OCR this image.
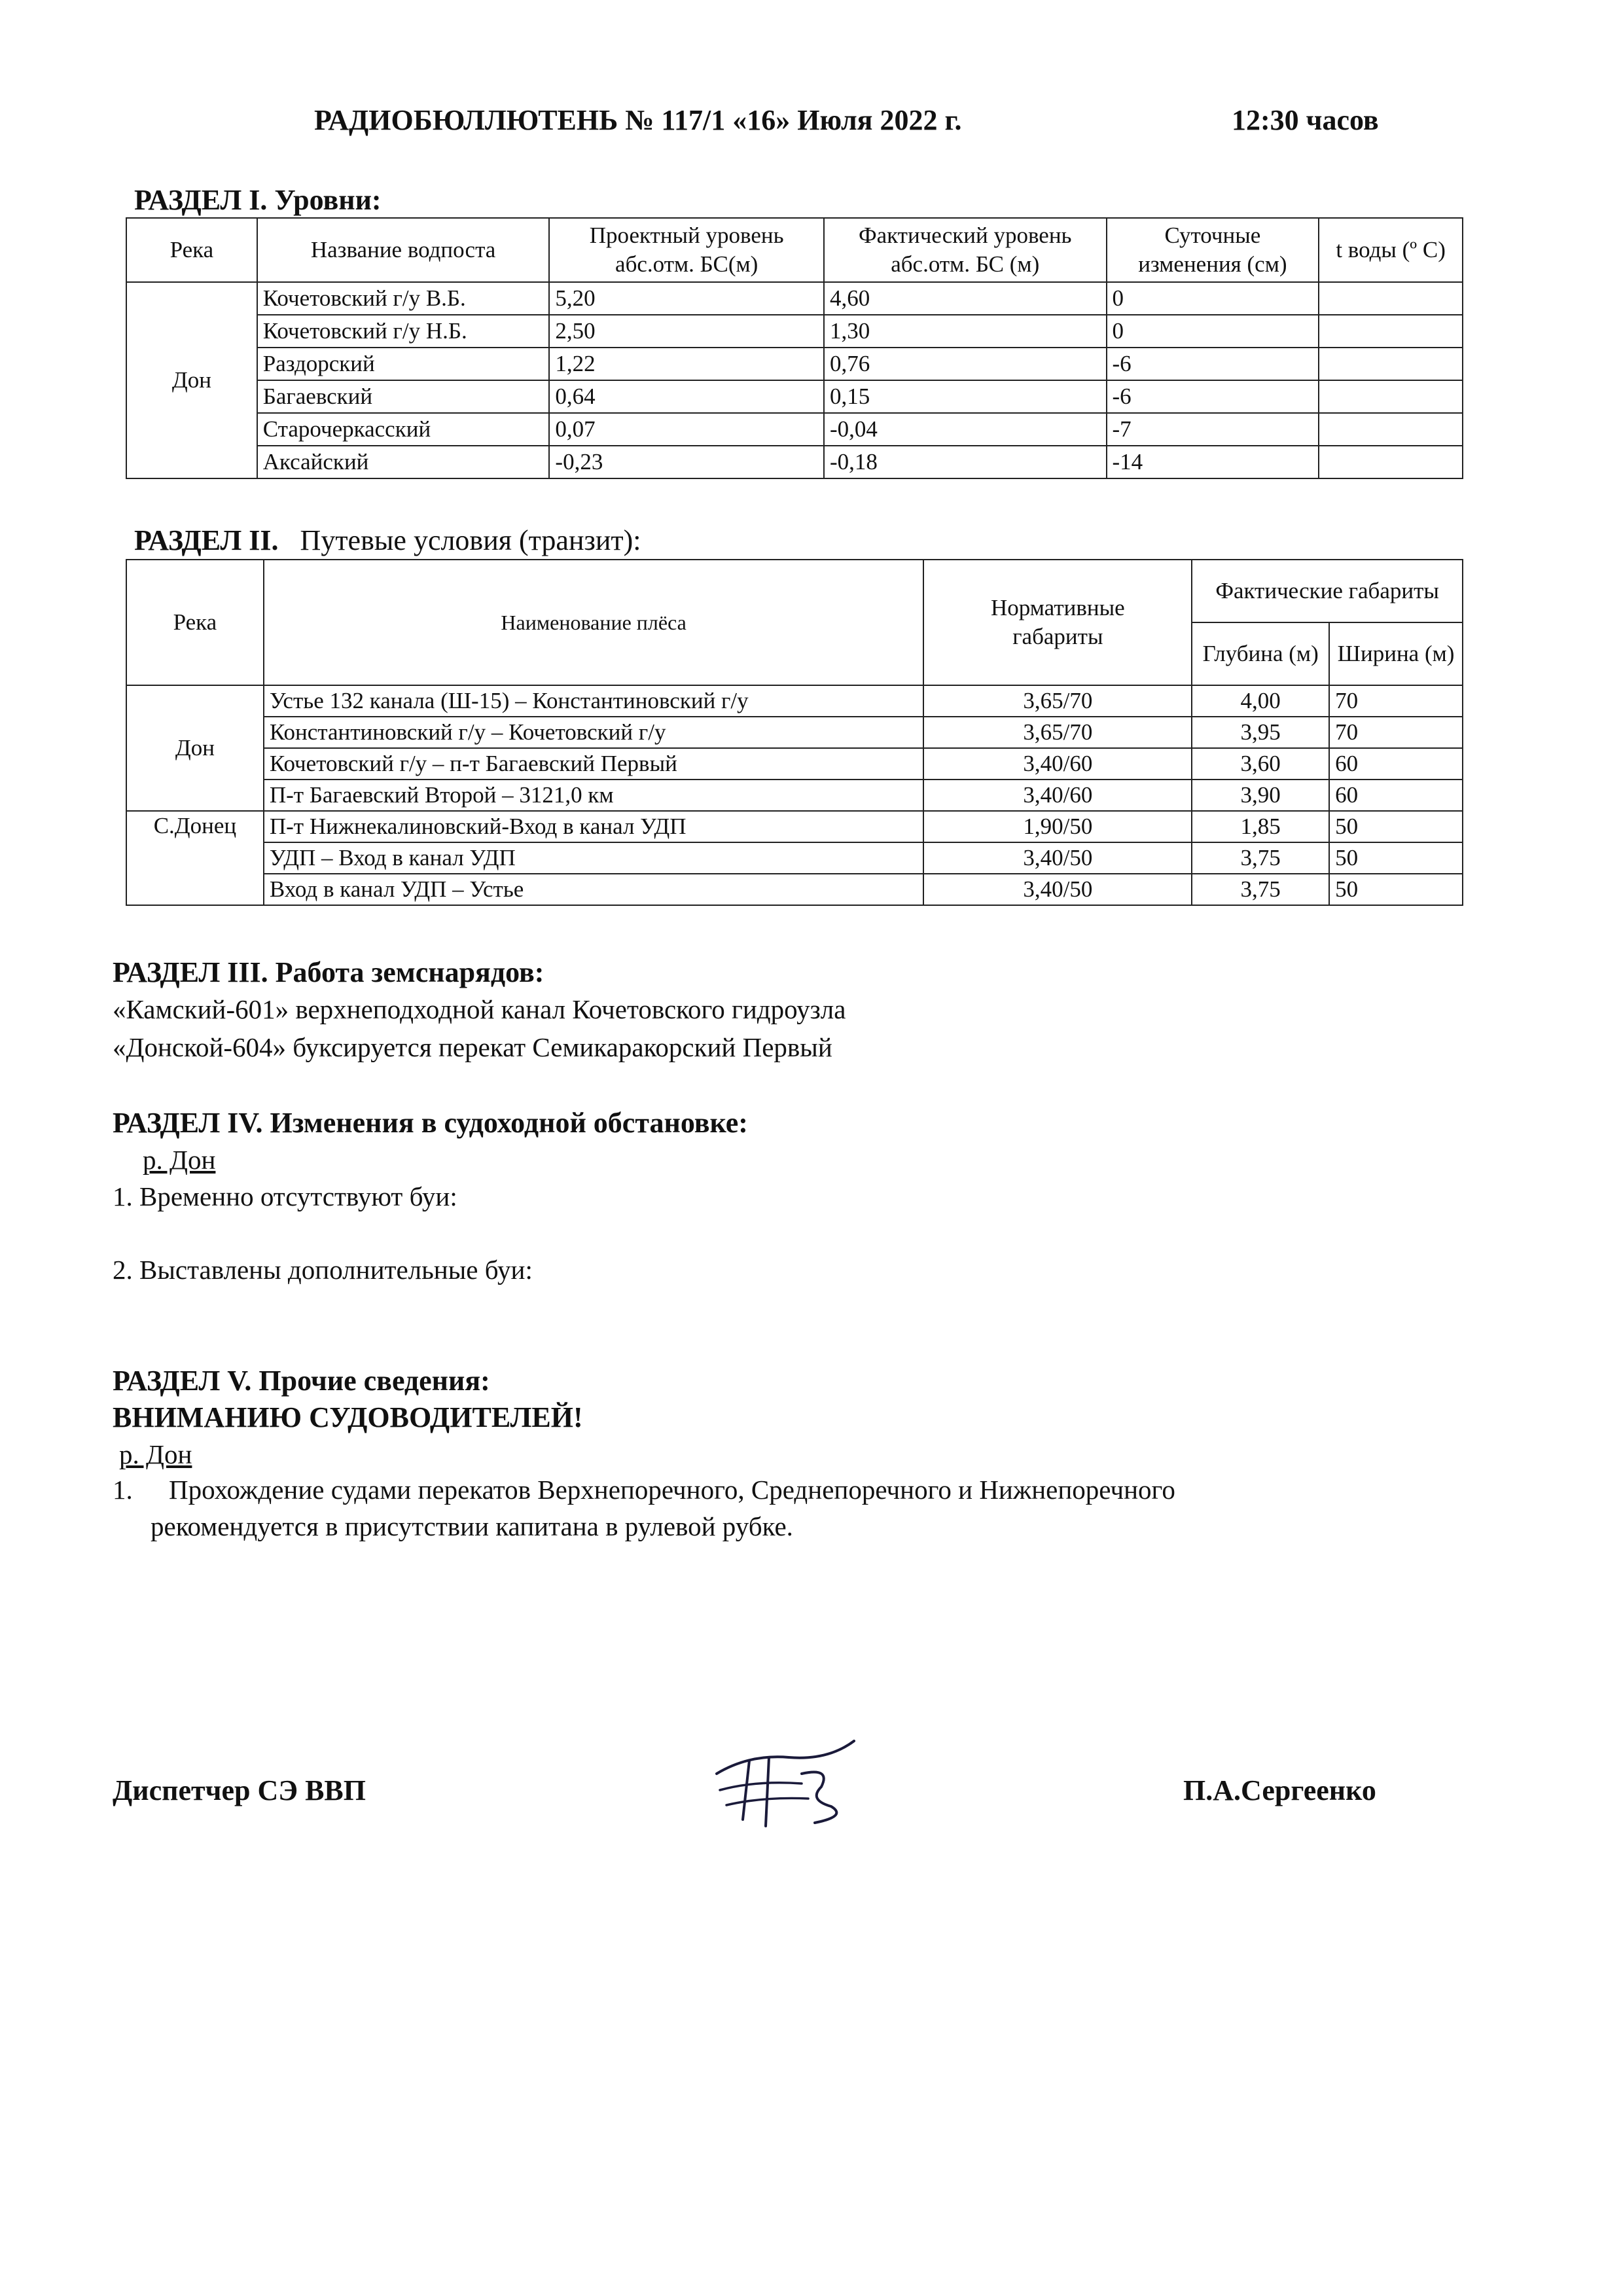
РАДИОБЮЛЛЮТЕНЬ № 117/1 «16» Июля 2022 г.	12:30 часов
РАЗДЕЛ I. Уровни:
Река	Название водпоста	Проектный уровень абс.отм. БС(м)	Фактический уровень абс.отм. БС (м)	Суточные изменения (см)	t воды (º С)
Дон	Кочетовский г/у В.Б.	5,20	4,60	0	
	Кочетовский г/у Н.Б.	2,50	1,30	0	
	Раздорский	1,22	0,76	-6	
	Багаевский	0,64	0,15	-6	
	Старочеркасский	0,07	-0,04	-7	
	Аксайский	-0,23	-0,18	-14	
РАЗДЕЛ II. Путевые условия (транзит):
Река	Наименование плёса	Нормативные габариты	Фактические габариты	
			Глубина (м)	Ширина (м)
Дон	Устье 132 канала (Ш-15) – Константиновский г/у	3,65/70	4,00	70
	Константиновский г/у – Кочетовский г/у	3,65/70	3,95	70
	Кочетовский г/у – п-т Багаевский Первый	3,40/60	3,60	60
	П-т Багаевский Второй – 3121,0 км	3,40/60	3,90	60
С.Донец	П-т Нижнекалиновский-Вход в канал УДП	1,90/50	1,85	50
	УДП – Вход в канал УДП	3,40/50	3,75	50
	Вход в канал УДП – Устье	3,40/50	3,75	50
РАЗДЕЛ III. Работа земснарядов:
«Камский-601» верхнеподходной канал Кочетовского гидроузла
«Донской-604» буксируется перекат Семикаракорский Первый
РАЗДЕЛ IV. Изменения в судоходной обстановке:
р. Дон
1. Временно отсутствуют буи:
2. Выставлены дополнительные буи:
РАЗДЕЛ V. Прочие сведения:
ВНИМАНИЮ СУДОВОДИТЕЛЕЙ!
р. Дон
1. Прохождение судами перекатов Верхнепоречного, Среднепоречного и Нижнепоречного
рекомендуется в присутствии капитана в рулевой рубке.
Диспетчер СЭ ВВП	П.А.Сергеенко
